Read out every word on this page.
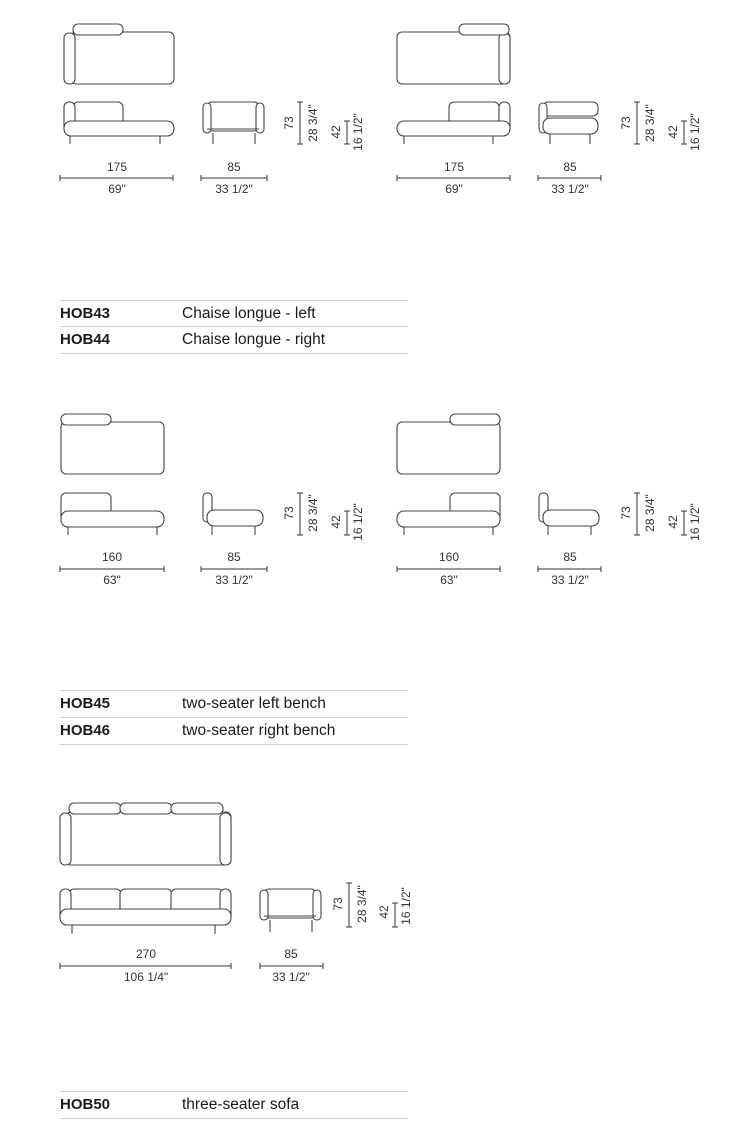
175
69"
85
33 1/2"
73 28 3/4" 42 16 1/2"
175
69"
85
33 1/2"
73 28 3/4" 42 16 1/2"
160
63"
85
33 1/2"
73 28 3/4" 42 16 1/2"
160
63"
85
33 1/2"
73 28 3/4" 42 16 1/2"
270
106 1/4"
85
33 1/2"
73 28 3/4" 42 16 1/2"
HOB43	Chaise longue - left
HOB44	Chaise longue - right
HOB45	two-seater left bench
HOB46	two-seater right bench
HOB50	three-seater sofa
